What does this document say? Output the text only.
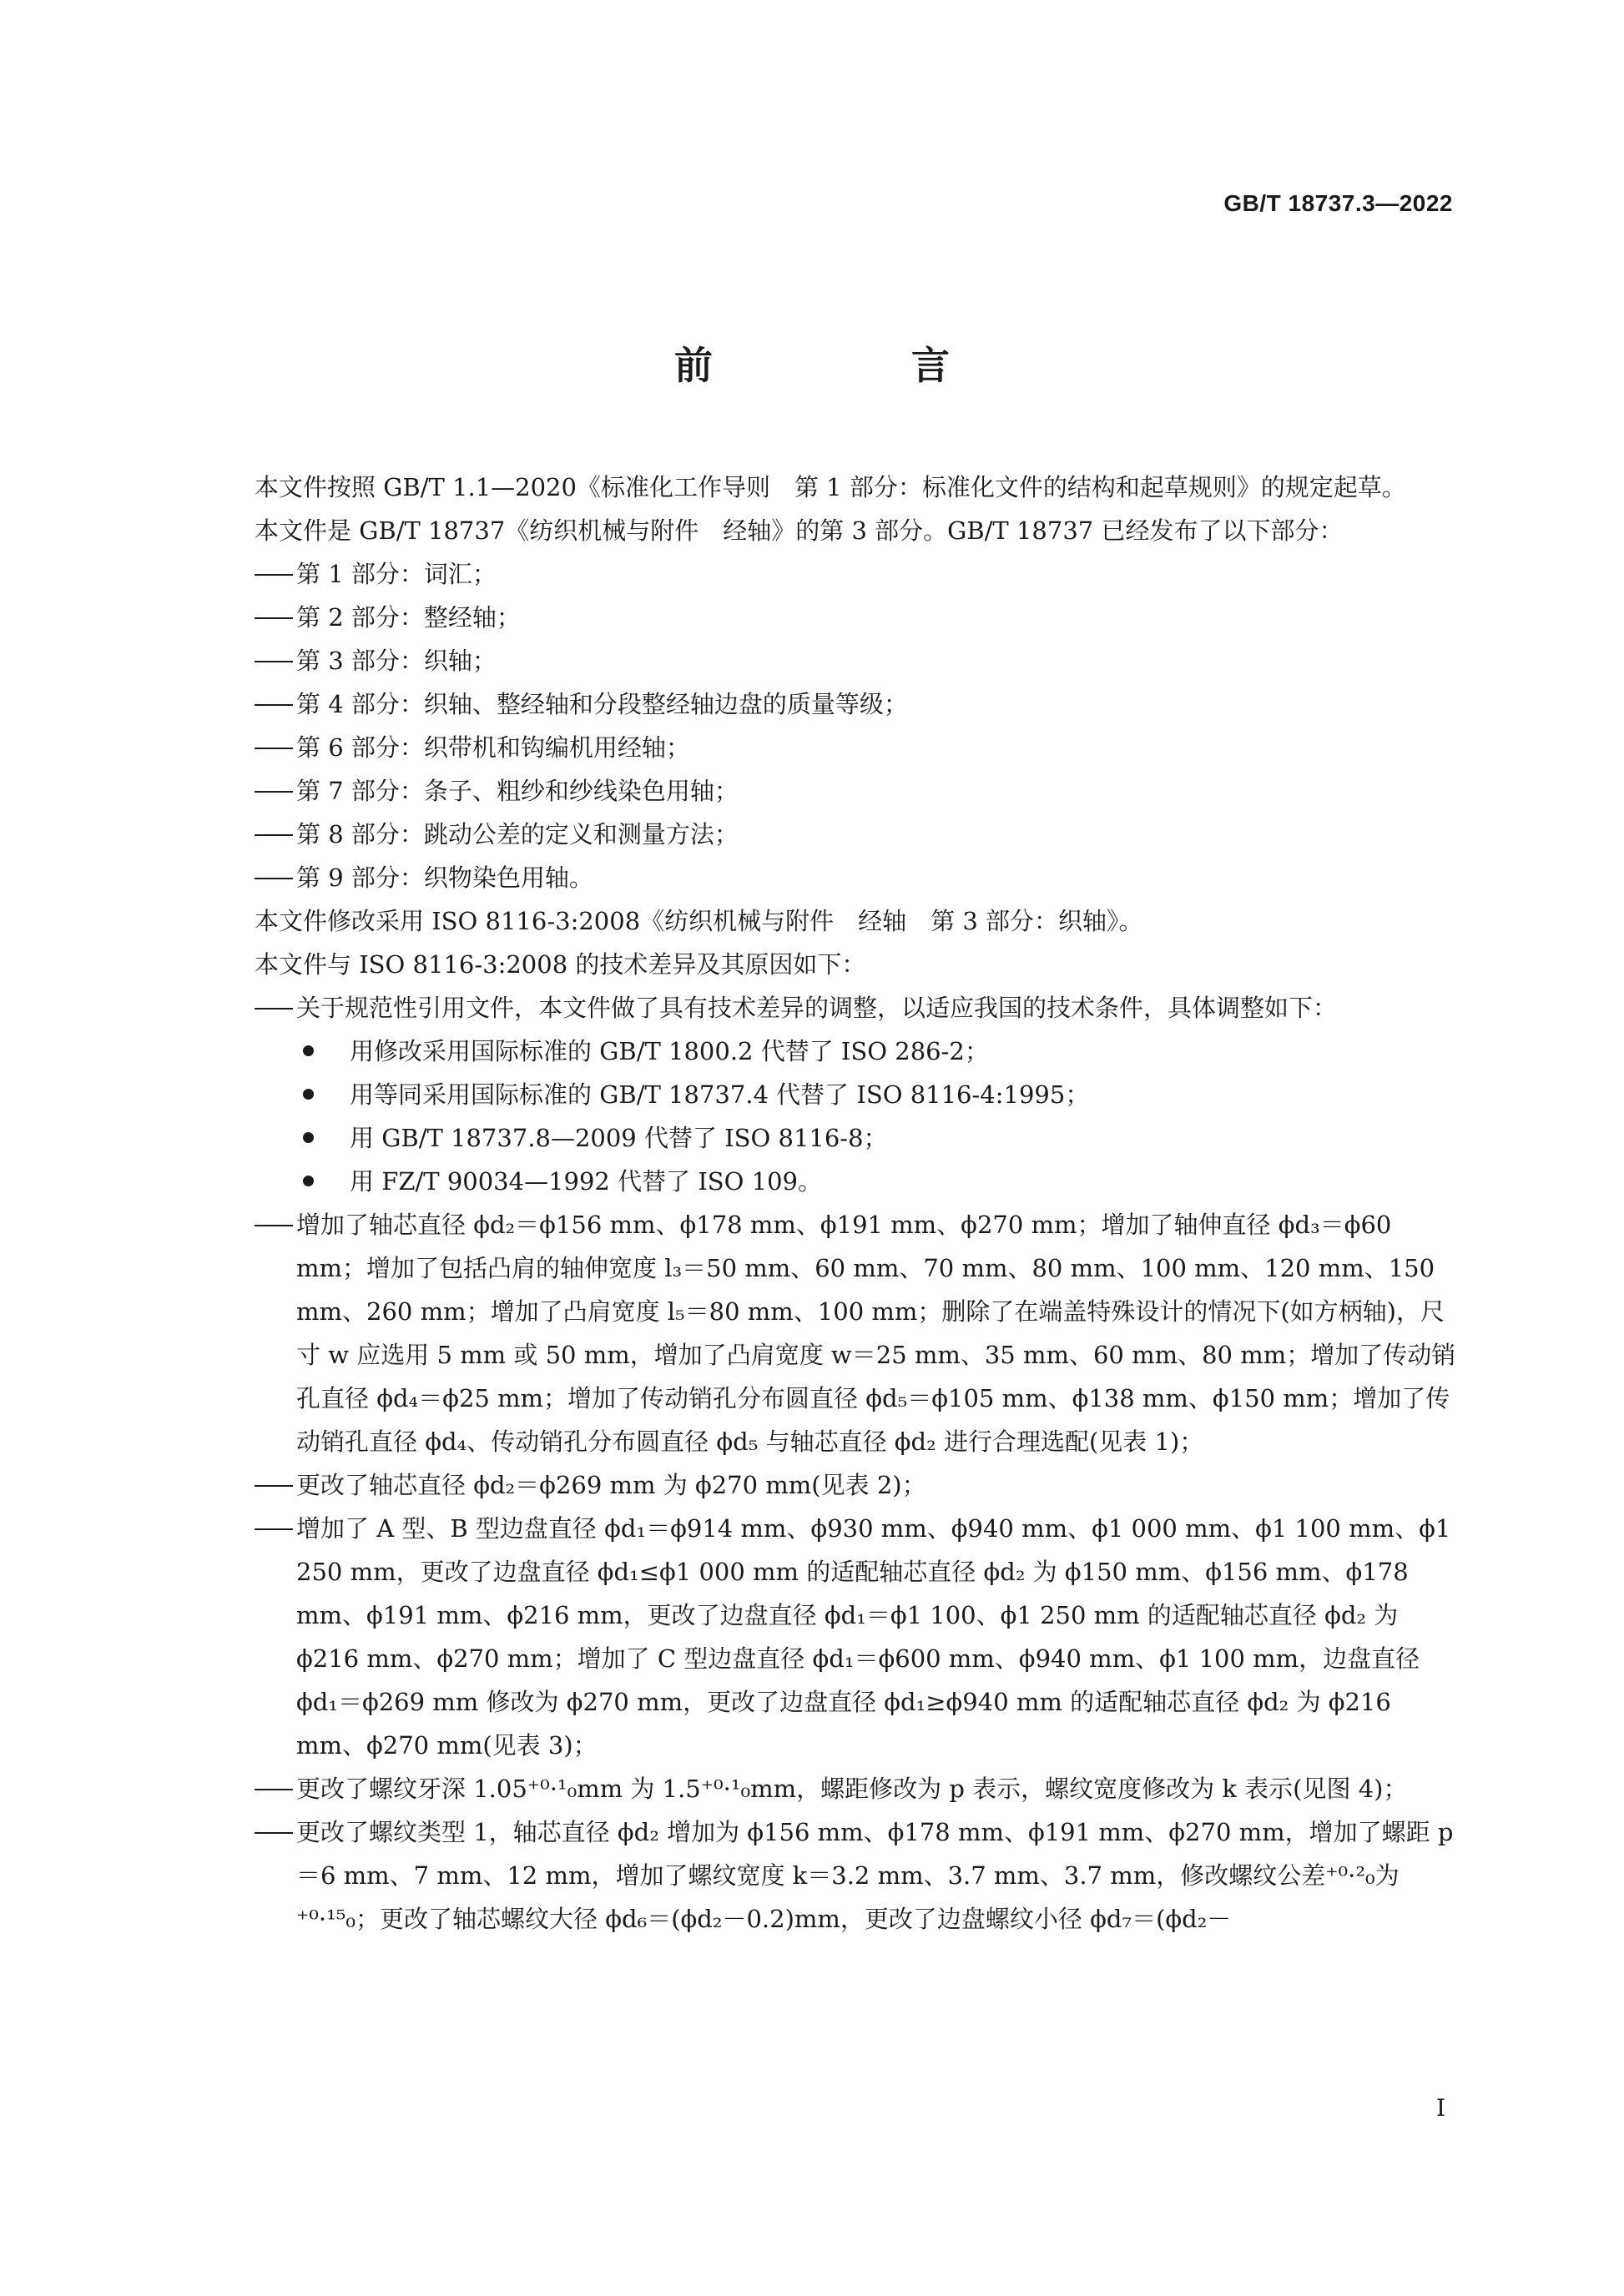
GB/T 18737.3—2022
前　言

本文件按照 GB/T 1.1—2020《标准化工作导则　第 1 部分：标准化文件的结构和起草规则》的规定起草。

本文件是 GB/T 18737《纺织机械与附件　经轴》的第 3 部分。GB/T 18737 已经发布了以下部分：

第 1 部分：词汇；

第 2 部分：整经轴；

第 3 部分：织轴；

第 4 部分：织轴、整经轴和分段整经轴边盘的质量等级；

第 6 部分：织带机和钩编机用经轴；

第 7 部分：条子、粗纱和纱线染色用轴；

第 8 部分：跳动公差的定义和测量方法；

第 9 部分：织物染色用轴。

本文件修改采用 ISO 8116-3:2008《纺织机械与附件　经轴　第 3 部分：织轴》。

本文件与 ISO 8116-3:2008 的技术差异及其原因如下：

关于规范性引用文件，本文件做了具有技术差异的调整，以适应我国的技术条件，具体调整如下：

用修改采用国际标准的 GB/T 1800.2 代替了 ISO 286-2；
用等同采用国际标准的 GB/T 18737.4 代替了 ISO 8116-4:1995；
用 GB/T 18737.8—2009 代替了 ISO 8116-8；
用 FZ/T 90034—1992 代替了 ISO 109。

增加了轴芯直径 ϕd₂＝ϕ156 mm、ϕ178 mm、ϕ191 mm、ϕ270 mm；增加了轴伸直径 ϕd₃＝ϕ60 mm；增加了包括凸肩的轴伸宽度 l₃＝50 mm、60 mm、70 mm、80 mm、100 mm、120 mm、150 mm、260 mm；增加了凸肩宽度 l₅＝80 mm、100 mm；删除了在端盖特殊设计的情况下(如方柄轴)，尺寸 w 应选用 5 mm 或 50 mm，增加了凸肩宽度 w＝25 mm、35 mm、60 mm、80 mm；增加了传动销孔直径 ϕd₄＝ϕ25 mm；增加了传动销孔分布圆直径 ϕd₅＝ϕ105 mm、ϕ138 mm、ϕ150 mm；增加了传动销孔直径 ϕd₄、传动销孔分布圆直径 ϕd₅ 与轴芯直径 ϕd₂ 进行合理选配(见表 1)；

更改了轴芯直径 ϕd₂＝ϕ269 mm 为 ϕ270 mm(见表 2)；

增加了 A 型、B 型边盘直径 ϕd₁＝ϕ914 mm、ϕ930 mm、ϕ940 mm、ϕ1 000 mm、ϕ1 100 mm、ϕ1 250 mm，更改了边盘直径 ϕd₁≤ϕ1 000 mm 的适配轴芯直径 ϕd₂ 为 ϕ150 mm、ϕ156 mm、ϕ178 mm、ϕ191 mm、ϕ216 mm，更改了边盘直径 ϕd₁＝ϕ1 100、ϕ1 250 mm 的适配轴芯直径 ϕd₂ 为 ϕ216 mm、ϕ270 mm；增加了 C 型边盘直径 ϕd₁＝ϕ600 mm、ϕ940 mm、ϕ1 100 mm，边盘直径 ϕd₁＝ϕ269 mm 修改为 ϕ270 mm，更改了边盘直径 ϕd₁≥ϕ940 mm 的适配轴芯直径 ϕd₂ 为 ϕ216 mm、ϕ270 mm(见表 3)；

更改了螺纹牙深 1.05⁺⁰·¹₀mm 为 1.5⁺⁰·¹₀mm，螺距修改为 p 表示，螺纹宽度修改为 k 表示(见图 4)；

更改了螺纹类型 1，轴芯直径 ϕd₂ 增加为 ϕ156 mm、ϕ178 mm、ϕ191 mm、ϕ270 mm，增加了螺距 p＝6 mm、7 mm、12 mm，增加了螺纹宽度 k＝3.2 mm、3.7 mm、3.7 mm，修改螺纹公差⁺⁰·²₀为⁺⁰·¹⁵₀；更改了轴芯螺纹大径 ϕd₆＝(ϕd₂－0.2)mm，更改了边盘螺纹小径 ϕd₇＝(ϕd₂－

I
